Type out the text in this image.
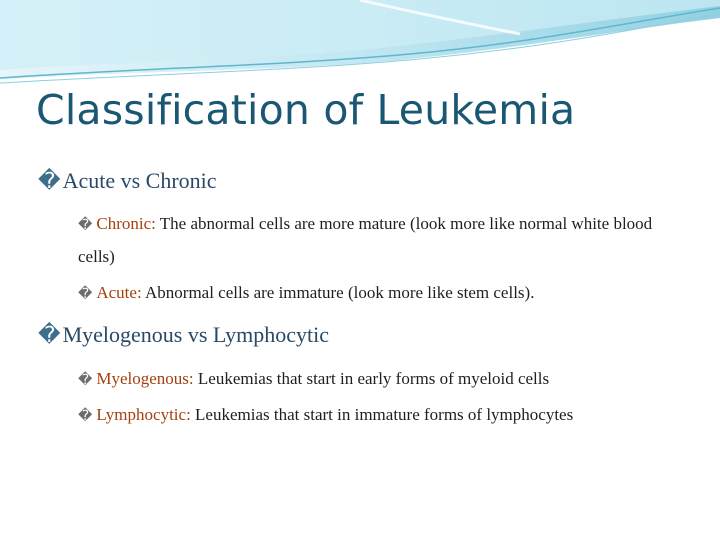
Classification of Leukemia
�Acute vs Chronic
� Chronic: The abnormal cells are more mature (look more like normal white blood cells)
� Acute: Abnormal cells are immature (look more like stem cells).
�Myelogenous vs Lymphocytic
� Myelogenous: Leukemias that start in early forms of myeloid cells
� Lymphocytic: Leukemias that start in immature forms of lymphocytes
